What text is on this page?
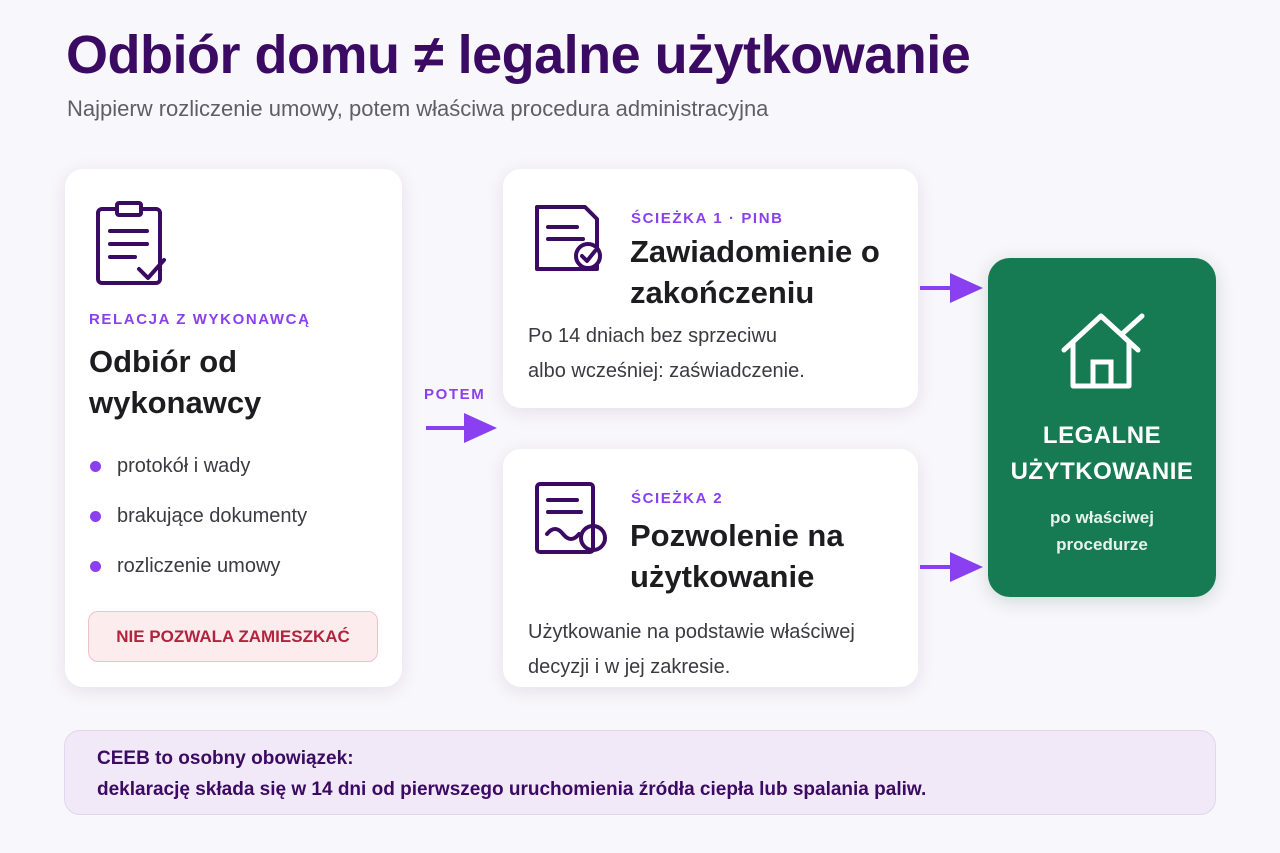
Odbiór domu ≠ legalne użytkowanie

Najpierw rozliczenie umowy, potem właściwa procedura administracyjna

RELACJA Z WYKONAWCĄ
Odbiór od wykonawcy
protokół i wady
brakujące dokumenty
rozliczenie umowy
NIE POZWALA ZAMIESZKAĆ
POTEM
ŚCIEŻKA 1 · PINB
Zawiadomienie o zakończeniu
Po 14 dniach bez sprzeciwu
albo wcześniej: zaświadczenie.
ŚCIEŻKA 2
Pozwolenie na użytkowanie
Użytkowanie na podstawie właściwej
decyzji i w jej zakresie.
LEGALNE
UŻYTKOWANIE
po właściwej
procedurze
CEEB to osobny obowiązek:
deklarację składa się w 14 dni od pierwszego uruchomienia źródła ciepła lub spalania paliw.
